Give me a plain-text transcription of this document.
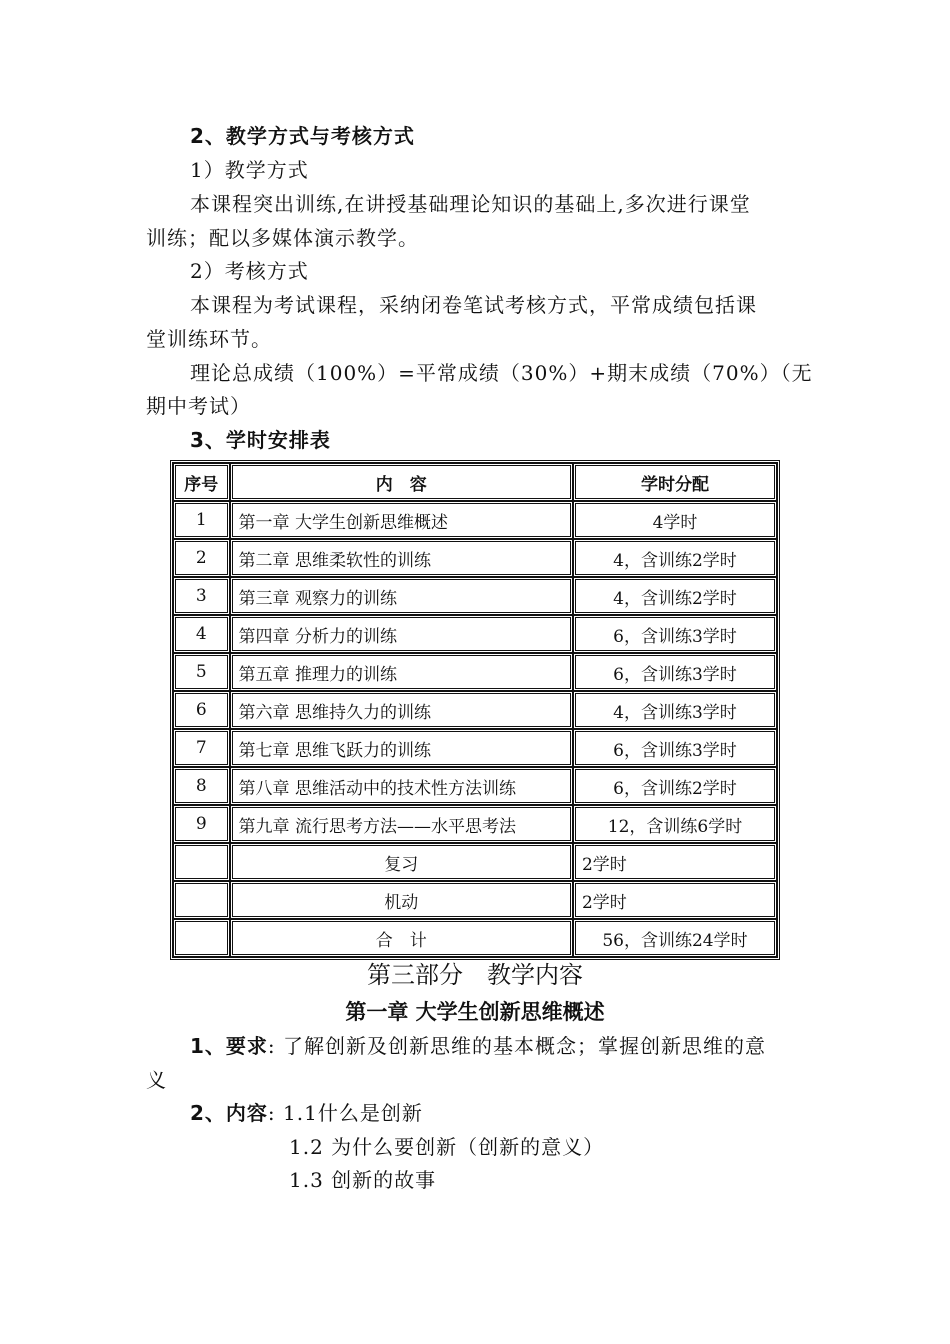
2、教学方式与考核方式
1）教学方式
本课程突出训练,在讲授基础理论知识的基础上,多次进行课堂
训练；配以多媒体演示教学。
2）考核方式
本课程为考试课程，采纳闭卷笔试考核方式，平常成绩包括课
堂训练环节。
理论总成绩（100%）=平常成绩（30%）+期末成绩（70%）（无
期中考试）
3、学时安排表
序号	内　容	学时分配
1	第一章 大学生创新思维概述	4学时
2	第二章 思维柔软性的训练	4，含训练2学时
3	第三章 观察力的训练	4，含训练2学时
4	第四章 分析力的训练	6，含训练3学时
5	第五章 推理力的训练	6，含训练3学时
6	第六章 思维持久力的训练	4，含训练3学时
7	第七章 思维飞跃力的训练	6，含训练3学时
8	第八章 思维活动中的技术性方法训练	6，含训练2学时
9	第九章 流行思考方法——水平思考法	12，含训练6学时
	复习	2学时
	机动	2学时
	合　计	56，含训练24学时
第三部分　教学内容
第一章 大学生创新思维概述
1、要求: 了解创新及创新思维的基本概念；掌握创新思维的意
义
2、内容: 1.1什么是创新
1.2 为什么要创新（创新的意义）
1.3 创新的故事
